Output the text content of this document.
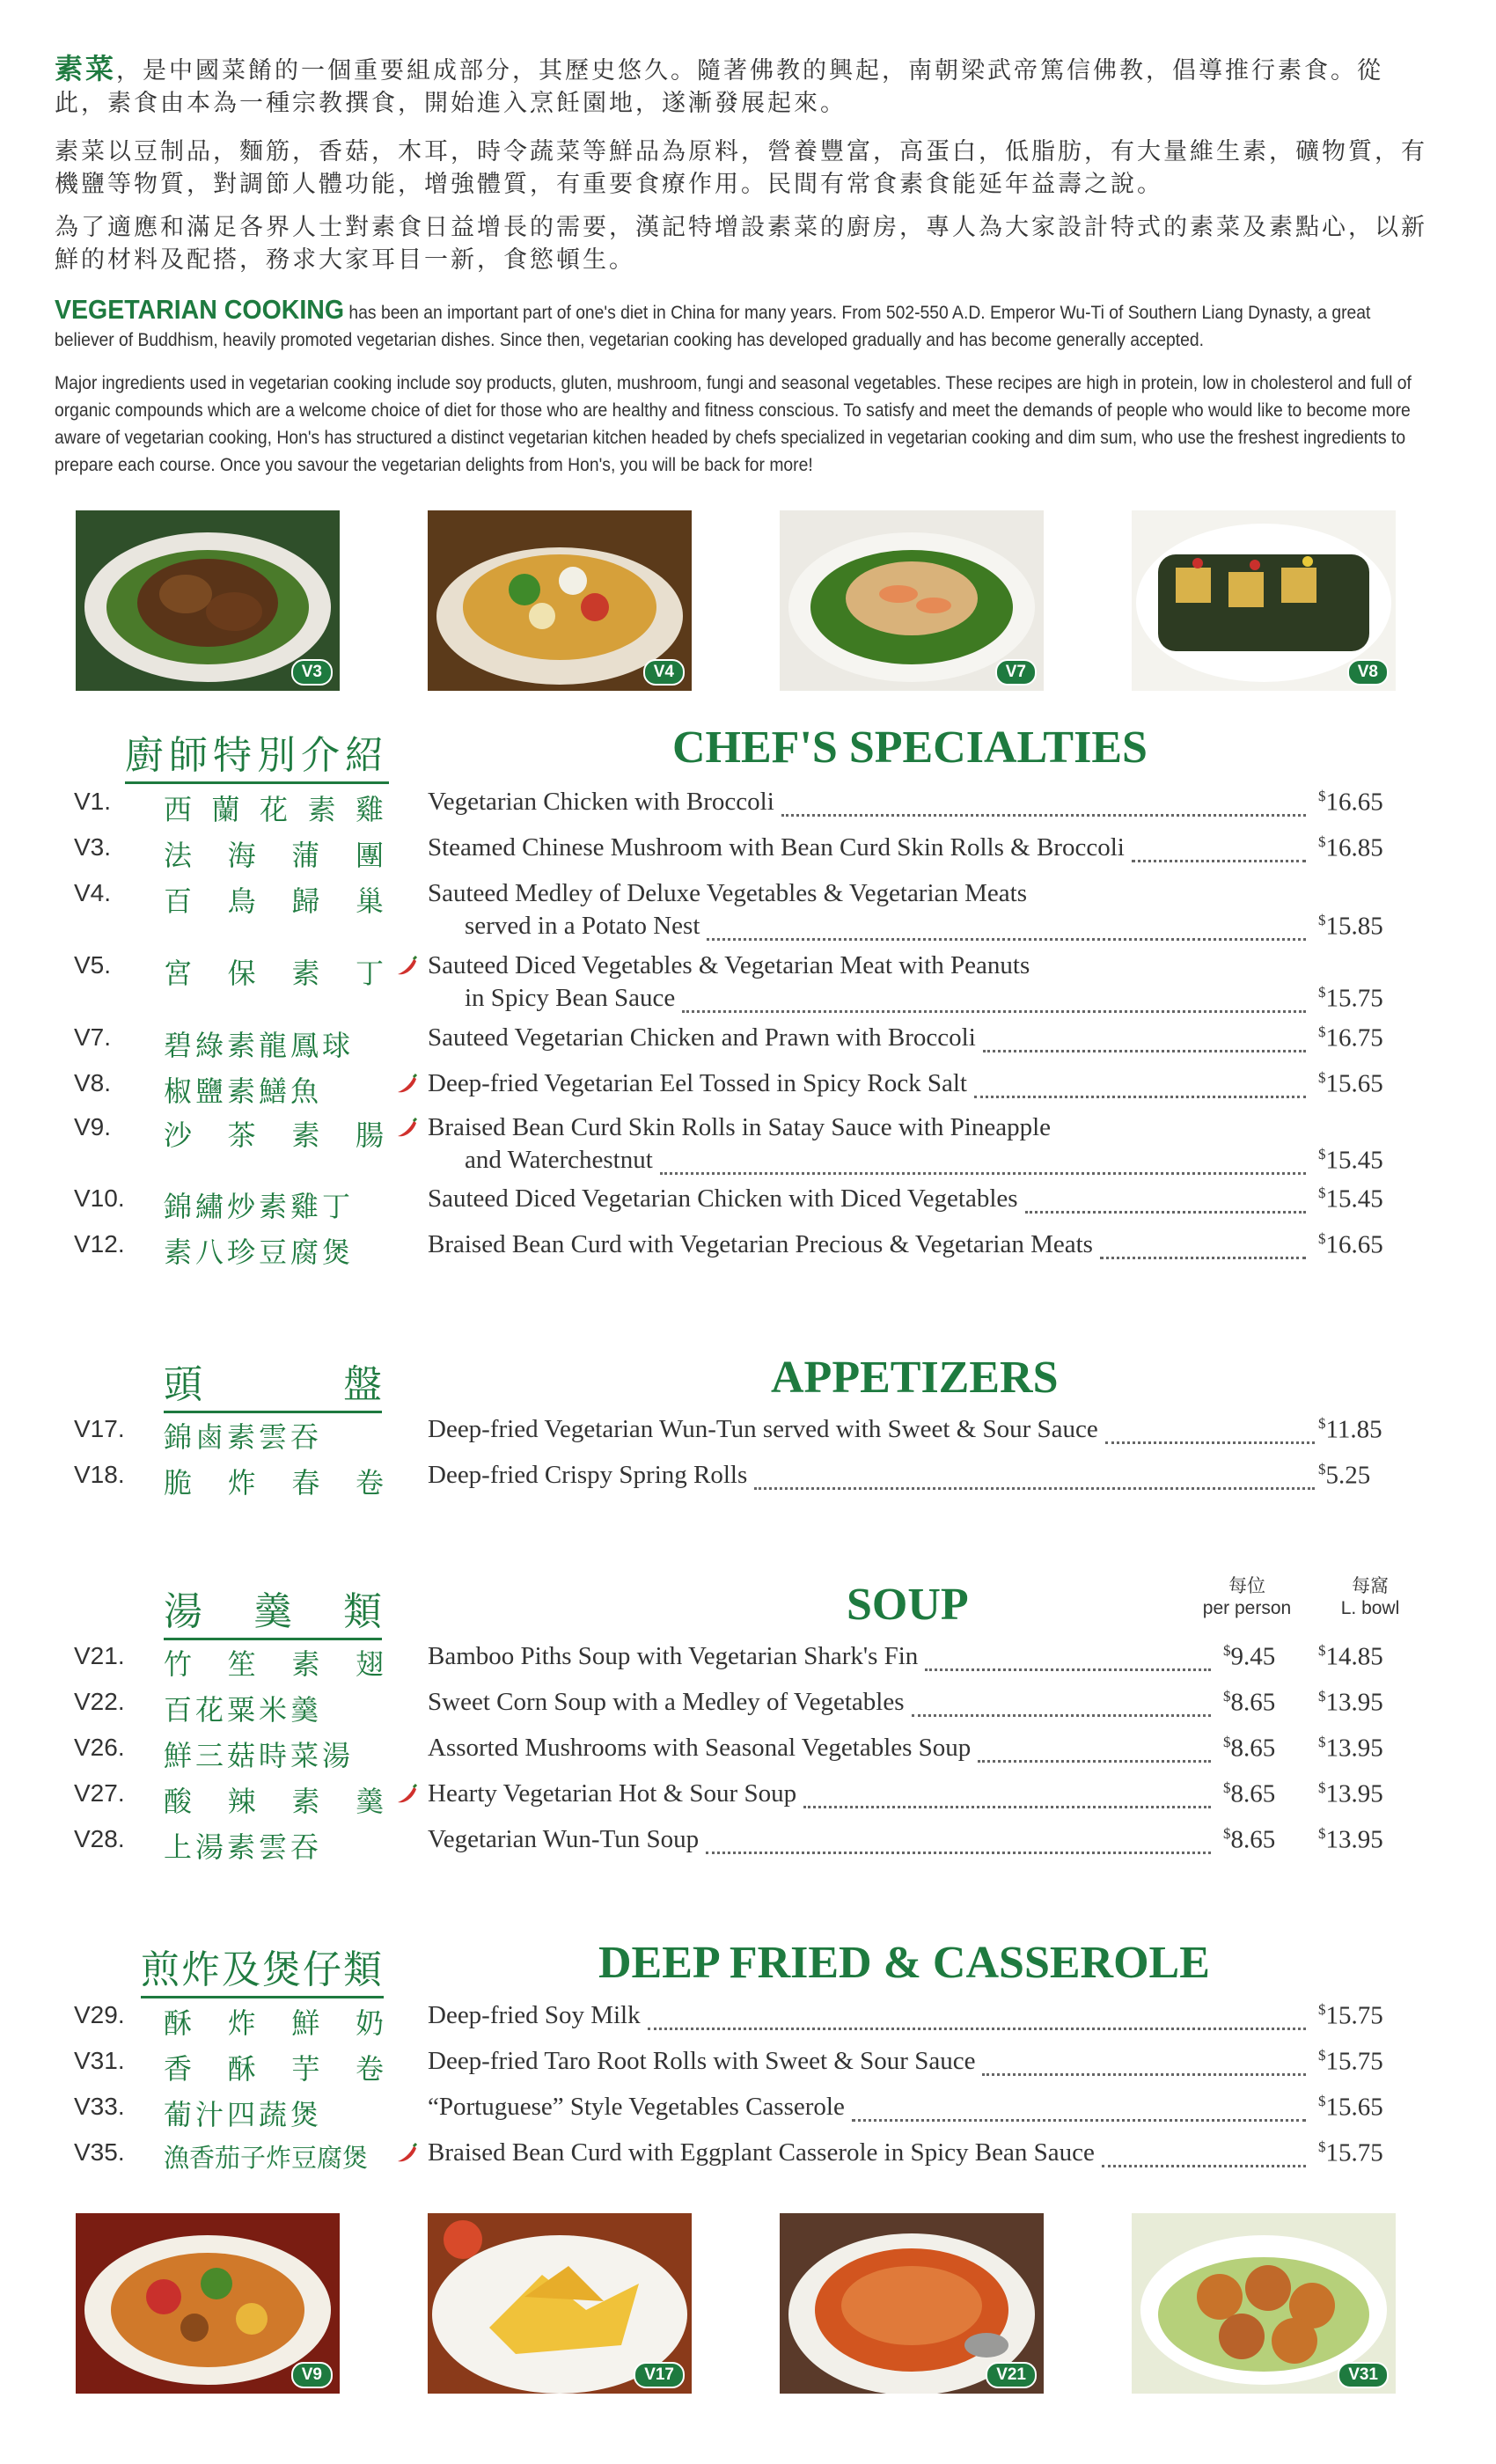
素菜，是中國菜餚的一個重要組成部分，其歷史悠久。隨著佛教的興起，南朝梁武帝篤信佛教，倡導推行素食。從此，素食由本為一種宗教撰食，開始進入烹飪園地，遂漸發展起來。
素菜以豆制品，麵筋，香菇，木耳，時令蔬菜等鮮品為原料，營養豐富，高蛋白，低脂肪，有大量維生素，礦物質，有機鹽等物質，對調節人體功能，增強體質，有重要食療作用。民間有常食素食能延年益壽之說。
為了適應和滿足各界人士對素食日益增長的需要，漢記特增設素菜的廚房，專人為大家設計特式的素菜及素點心，以新鮮的材料及配搭，務求大家耳目一新，食慾頓生。
VEGETARIAN COOKING has been an important part of one's diet in China for many years. From 502-550 A.D. Emperor Wu-Ti of Southern Liang Dynasty, a great believer of Buddhism, heavily promoted vegetarian dishes. Since then, vegetarian cooking has developed gradually and has become generally accepted.
Major ingredients used in vegetarian cooking include soy products, gluten, mushroom, fungi and seasonal vegetables. These recipes are high in protein, low in cholesterol and full of organic compounds which are a welcome choice of diet for those who are healthy and fitness conscious. To satisfy and meet the demands of people who would like to become more aware of vegetarian cooking, Hon's has structured a distinct vegetarian kitchen headed by chefs specialized in vegetarian cooking and dim sum, who use the freshest ingredients to prepare each course. Once you savour the vegetarian delights from Hon's, you will be back for more!
V3	V4	V7	V8
廚師特別介紹	CHEF'S SPECIALTIES
V1. 西 蘭 花 素 雞 Vegetarian Chicken with Broccoli	$16.65
V3. 法 海 蒲 團 Steamed Chinese Mushroom with Bean Curd Skin Rolls & Broccoli	$16.85
V4. 百 鳥 歸 巢 Sauteed Medley of Deluxe Vegetables & Vegetarian Meats
served in a Potato Nest	$15.85
V5. 宮 保 素 丁 Sauteed Diced Vegetables & Vegetarian Meat with Peanuts
in Spicy Bean Sauce	$15.75
V7. 碧綠素龍鳳球	Sauteed Vegetarian Chicken and Prawn with Broccoli	$16.75
V8. 椒鹽素鱔魚	Deep-fried Vegetarian Eel Tossed in Spicy Rock Salt	$15.65
V9. 沙 茶 素 腸 Braised Bean Curd Skin Rolls in Satay Sauce with Pineapple
and Waterchestnut	$15.45
V10. 錦繡炒素雞丁	Sauteed Diced Vegetarian Chicken with Diced Vegetables	$15.45
V12. 素八珍豆腐煲	Braised Bean Curd with Vegetarian Precious & Vegetarian Meats	$16.65
V17. 錦鹵素雲吞	Deep-fried Vegetarian Wun-Tun served with Sweet & Sour Sauce	$11.85
V18. 脆 炸 春 卷 Deep-fried Crispy Spring Rolls	$5.25
V21. 竹 笙 素 翅 Bamboo Piths Soup with Vegetarian Shark's Fin	$9.45	$14.85
V22. 百花粟米羹	Sweet Corn Soup with a Medley of Vegetables	$8.65	$13.95
V26. 鮮三菇時菜湯	Assorted Mushrooms with Seasonal Vegetables Soup	$8.65	$13.95
V27. 酸 辣 素 羹 Hearty Vegetarian Hot & Sour Soup	$8.65	$13.95
V28. 上湯素雲吞	Vegetarian Wun-Tun Soup	$8.65	$13.95
V29. 酥 炸 鮮 奶 Deep-fried Soy Milk	$15.75
V31. 香 酥 芋 卷 Deep-fried Taro Root Rolls with Sweet & Sour Sauce	$15.75
V33. 葡汁四蔬煲	“Portuguese” Style Vegetables Casserole	$15.65
V35. 漁香茄子炸豆腐煲	Braised Bean Curd with Eggplant Casserole in Spicy Bean Sauce	$15.75
頭	盤	APPETIZERS
湯 羹 類	SOUP	每位
per person
每窩
L. bowl
煎炸及煲仔類	DEEP FRIED & CASSEROLE
V9	V17	V21	V31
